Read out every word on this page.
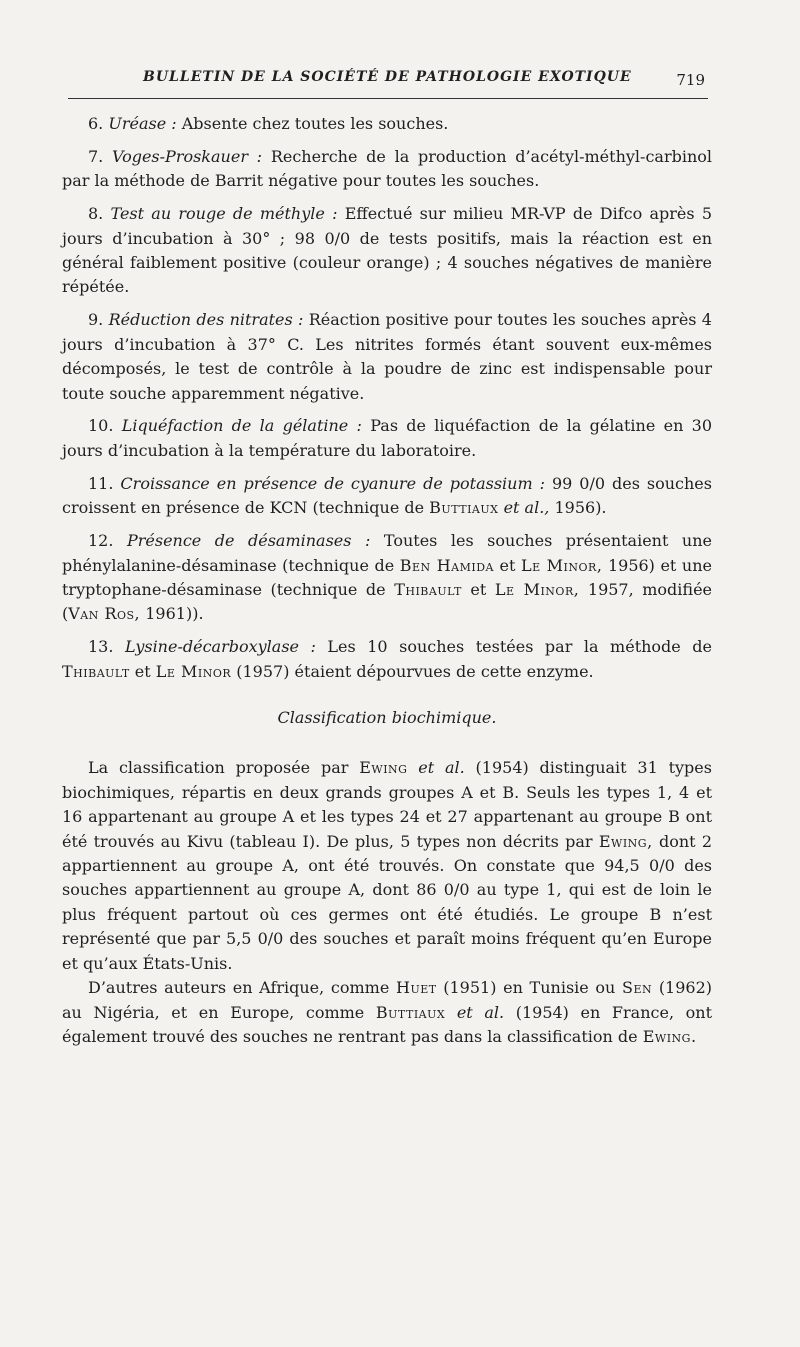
BULLETIN DE LA SOCIÉTÉ DE PATHOLOGIE EXOTIQUE	719

6. Uréase : Absente chez toutes les souches.

7. Voges-Proskauer : Recherche de la production d’acétyl-méthyl-carbinol par la méthode de Barrit négative pour toutes les souches.

8. Test au rouge de méthyle : Effectué sur milieu MR-VP de Difco après 5 jours d’incubation à 30° ; 98 0/0 de tests positifs, mais la réaction est en général faiblement positive (couleur orange) ; 4 souches négatives de manière répétée.

9. Réduction des nitrates : Réaction positive pour toutes les souches après 4 jours d’incubation à 37° C. Les nitrites formés étant souvent eux-mêmes décomposés, le test de contrôle à la poudre de zinc est indispensable pour toute souche apparemment négative.

10. Liquéfaction de la gélatine : Pas de liquéfaction de la gélatine en 30 jours d’incubation à la température du laboratoire.

11. Croissance en présence de cyanure de potassium : 99 0/0 des souches croissent en présence de KCN (technique de Buttiaux et al., 1956).

12. Présence de désaminases : Toutes les souches présentaient une phénylalanine-désaminase (technique de Ben Hamida et Le Minor, 1956) et une tryptophane-désaminase (technique de Thibault et Le Minor, 1957, modifiée (Van Ros, 1961)).

13. Lysine-décarboxylase : Les 10 souches testées par la méthode de Thibault et Le Minor (1957) étaient dépourvues de cette enzyme.

Classification biochimique.

La classification proposée par Ewing et al. (1954) distinguait 31 types biochimiques, répartis en deux grands groupes A et B. Seuls les types 1, 4 et 16 appartenant au groupe A et les types 24 et 27 appartenant au groupe B ont été trouvés au Kivu (tableau I). De plus, 5 types non décrits par Ewing, dont 2 appartiennent au groupe A, ont été trouvés. On constate que 94,5 0/0 des souches appartiennent au groupe A, dont 86 0/0 au type 1, qui est de loin le plus fréquent partout où ces germes ont été étudiés. Le groupe B n’est représenté que par 5,5 0/0 des souches et paraît moins fréquent qu’en Europe et qu’aux États-Unis.

D’autres auteurs en Afrique, comme Huet (1951) en Tunisie ou Sen (1962) au Nigéria, et en Europe, comme Buttiaux et al. (1954) en France, ont également trouvé des souches ne rentrant pas dans la classification de Ewing.
